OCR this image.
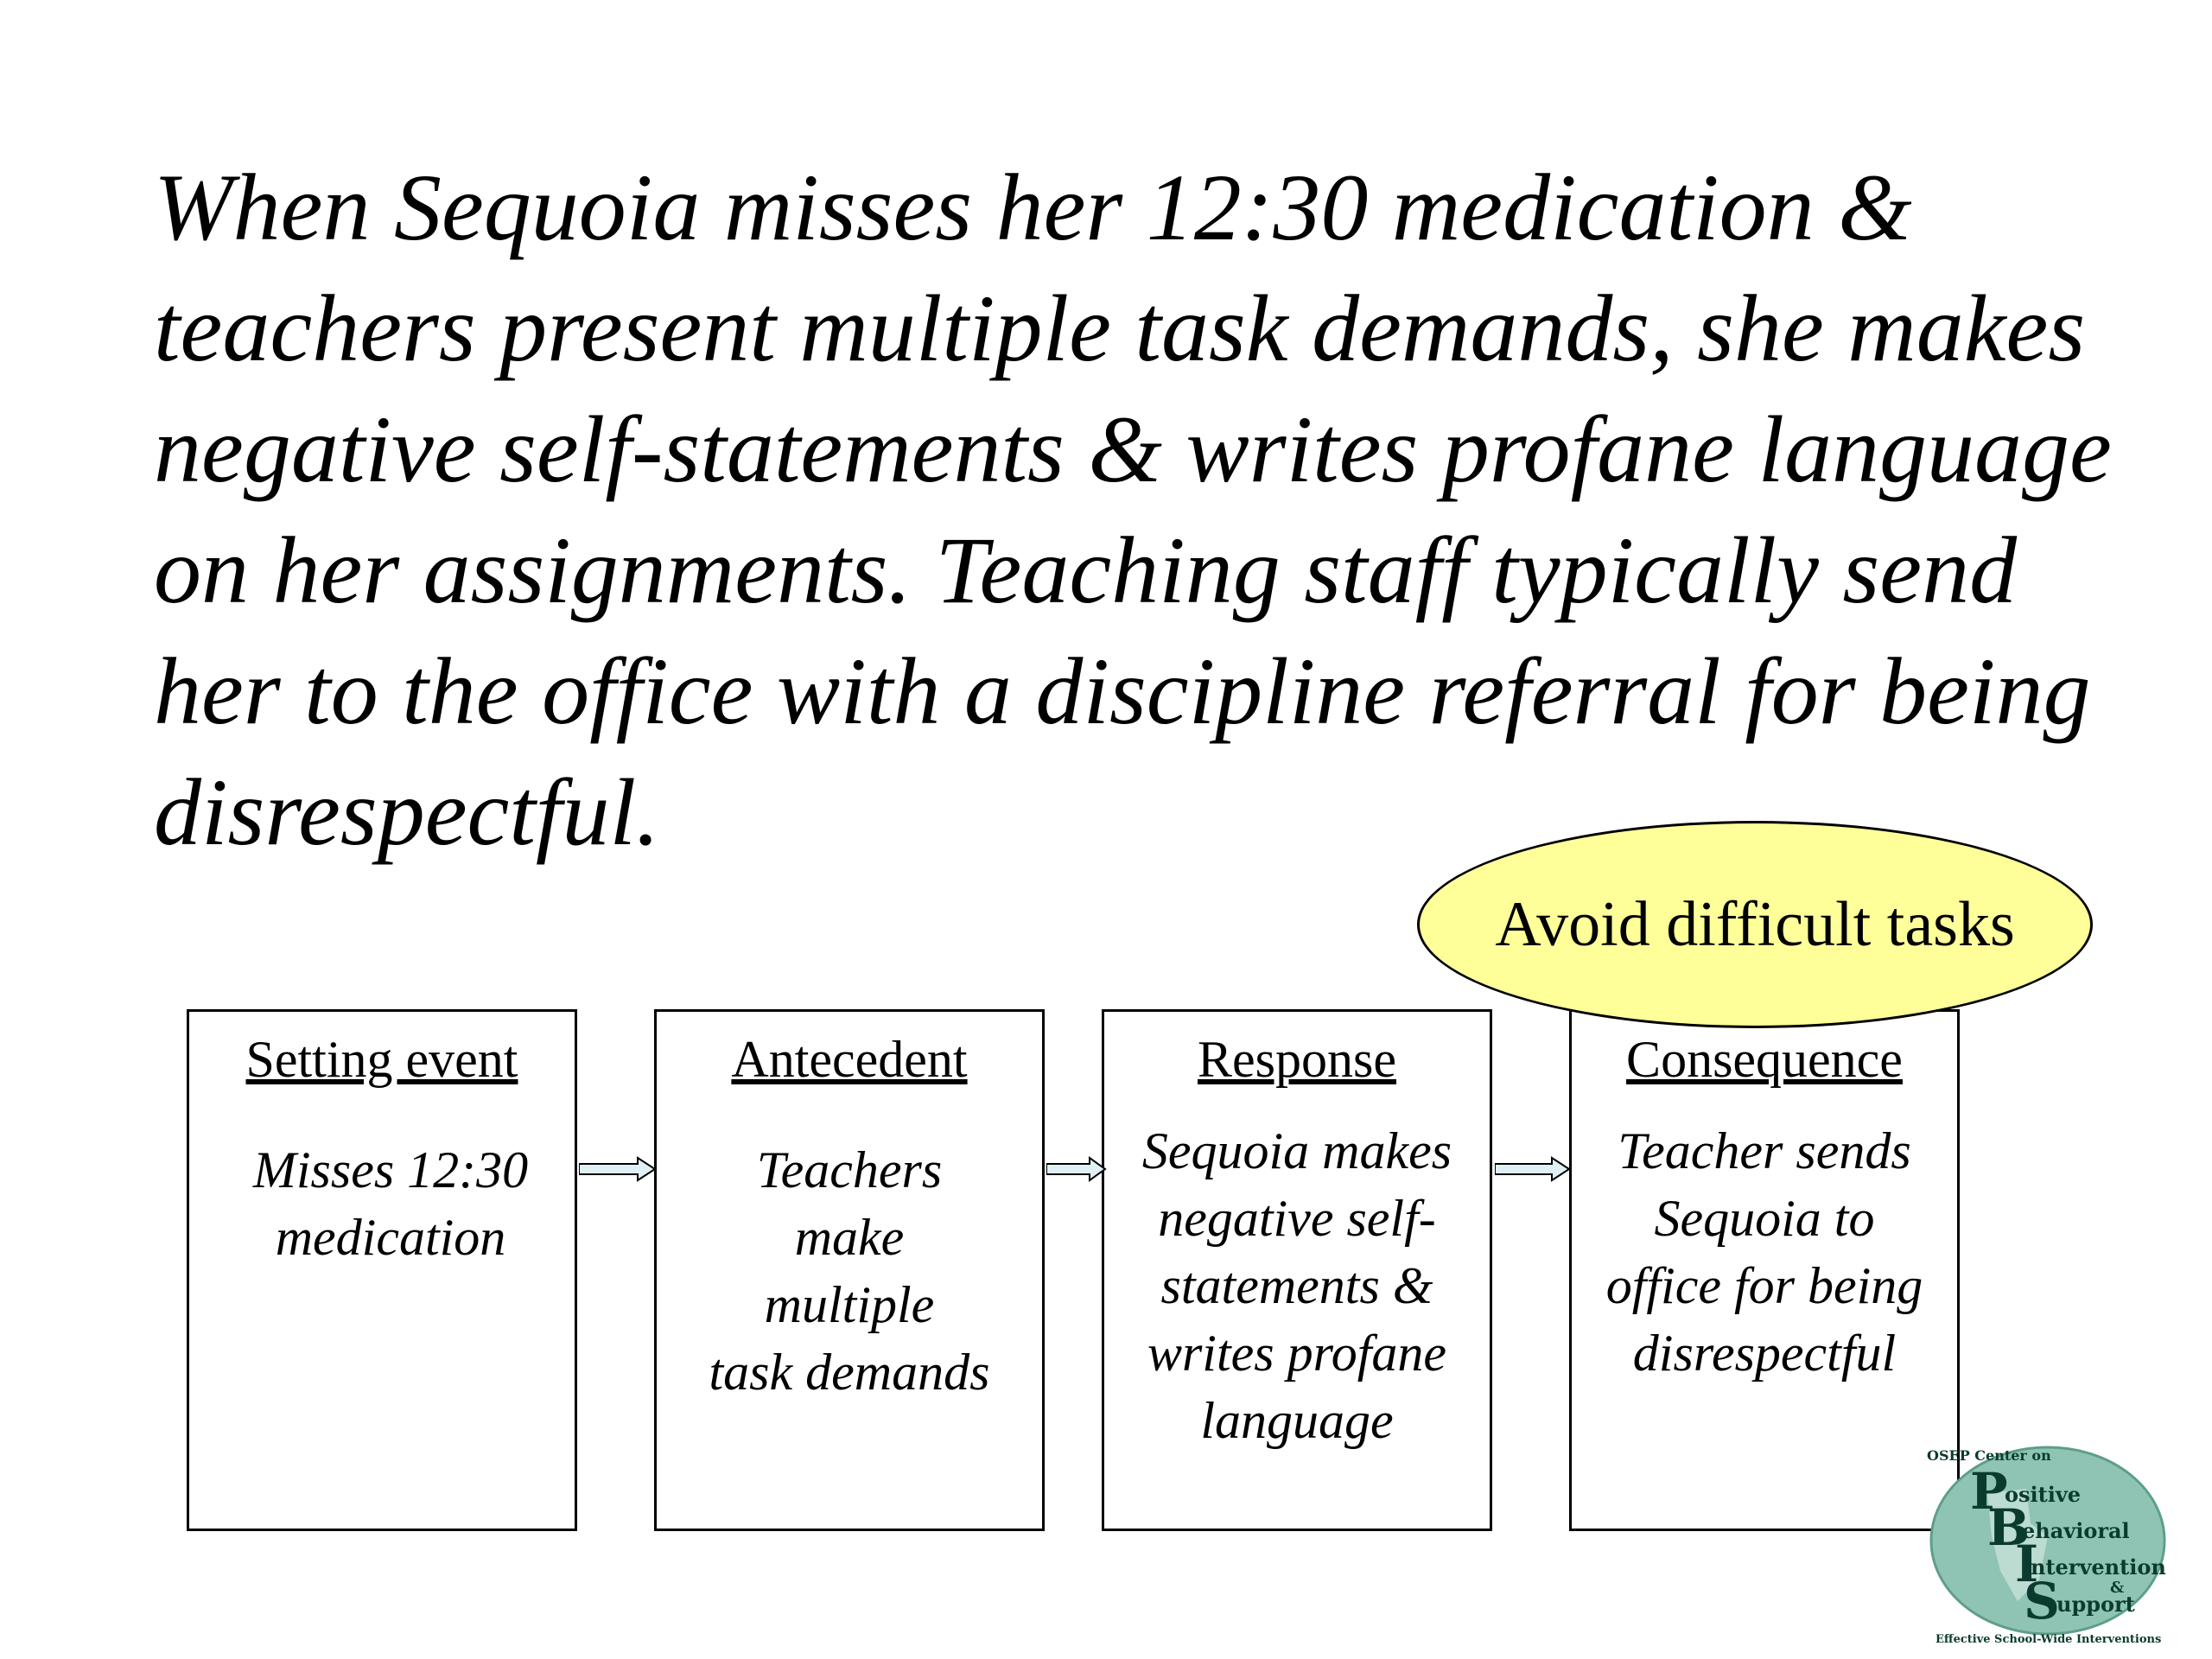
When Sequoia misses her 12:30 medication & teachers present multiple task demands, she makes negative self-statements & writes profane language on her assignments. Teaching staff typically send her to the office with a discipline referral for being disrespectful.

Avoid difficult tasks
Setting event
Misses 12:30
medication
Antecedent
Teachers
make
multiple
task demands
Response
Sequoia makes
negative self-
statements &
writes profane
language
Consequence
Teacher sends
Sequoia to
office for being
disrespectful
OSEP Center on
P
ositive
B
ehavioral
I
ntervention
&
S
upport
Effective School-Wide Interventions
